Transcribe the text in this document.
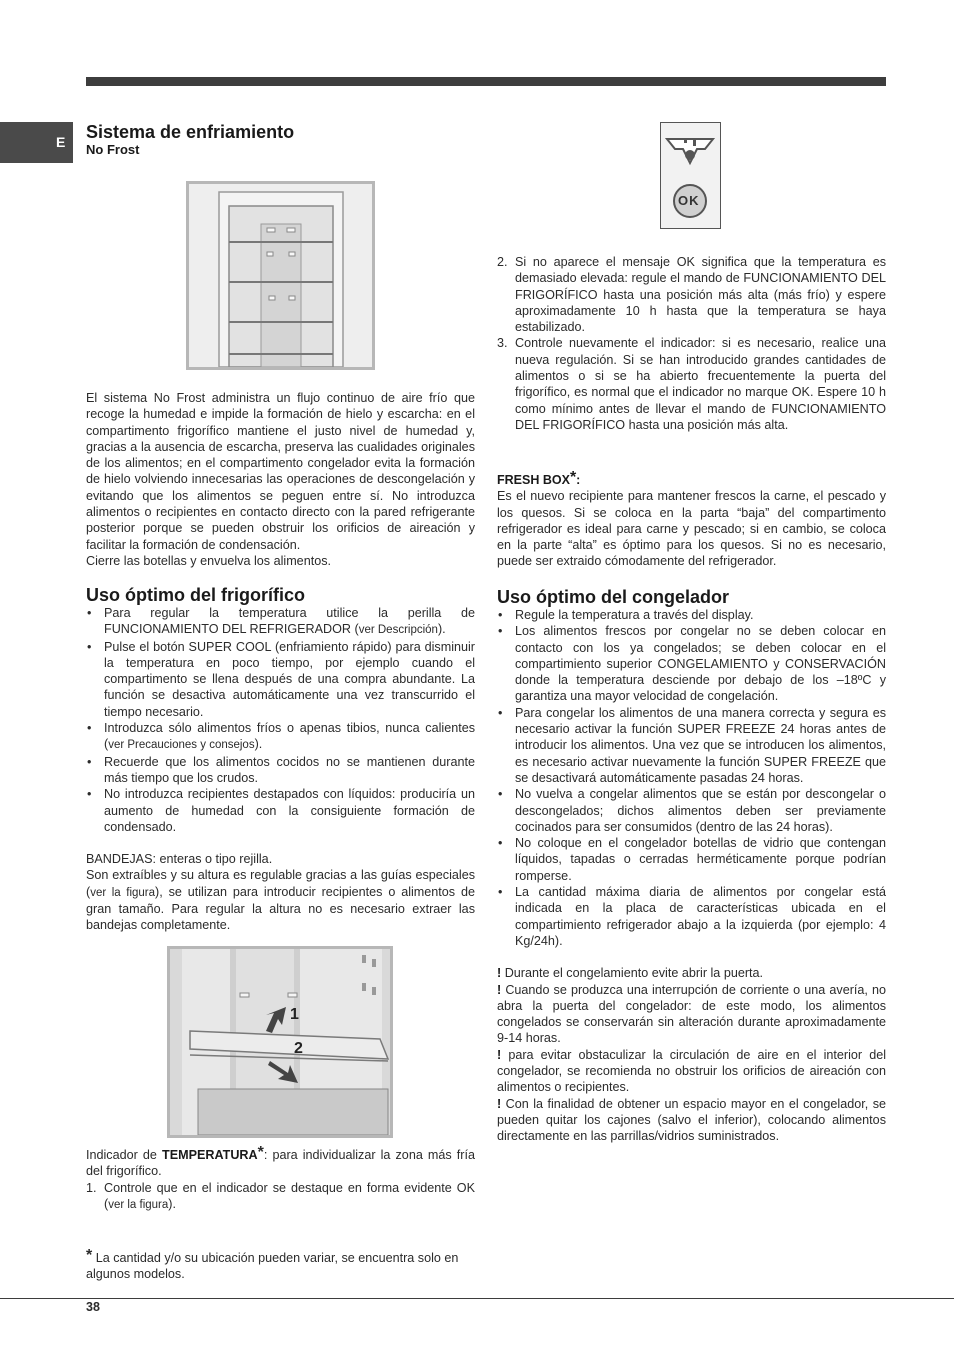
E Sistema de enfriamiento
No Frost

El sistema No Frost administra un flujo continuo de aire frío que recoge la humedad e impide la formación de hielo y escarcha: en el compartimento frigorífico mantiene el justo nivel de humedad y, gracias a la ausencia de escarcha, preserva las cualidades originales de los alimentos; en el compartimento congelador evita la formación de hielo volviendo innecesarias las operaciones de descongelación y evitando que los alimentos se peguen entre sí. No introduzca alimentos o recipientes en contacto directo con la pared refrigerante posterior porque se pueden obstruir los orificios de aireación y facilitar la formación de condensación.

Cierre las botellas y envuelva los alimentos.

Uso óptimo del frigorífico
• Para regular la temperatura utilice la perilla de FUNCIONAMIENTO DEL REFRIGERADOR (ver Descripción).
• Pulse el botón SUPER COOL (enfriamiento rápido) para disminuir la temperatura en poco tiempo, por ejemplo cuando el compartimento se llena después de una compra abundante. La función se desactiva automáticamente una vez transcurrido el tiempo necesario.
• Introduzca sólo alimentos fríos o apenas tibios, nunca calientes (ver Precauciones y consejos).
• Recuerde que los alimentos cocidos no se mantienen durante más tiempo que los crudos.
• No introduzca recipientes destapados con líquidos: produciría un aumento de humedad con la consiguiente formación de condensado.

BANDEJAS: enteras o tipo rejilla.

Son extraíbles y su altura es regulable gracias a las guías especiales (ver la figura), se utilizan para introducir recipientes o alimentos de gran tamaño. Para regular la altura no es necesario extraer las bandejas completamente.

1
2

Indicador de TEMPERATURA*: para individualizar la zona más fría del frigorífico.

1. Controle que en el indicador se destaque en forma evidente OK (ver la figura).

* La cantidad y/o su ubicación pueden variar, se encuentra solo en algunos modelos.

OK
2. Si no aparece el mensaje OK significa que la temperatura es demasiado elevada: regule el mando de FUNCIONAMIENTO DEL FRIGORÍFICO hasta una posición más alta (más frío) y espere aproximadamente 10 h hasta que la temperatura se haya estabilizado.
3. Controle nuevamente el indicador: si es necesario, realice una nueva regulación. Si se han introducido grandes cantidades de alimentos o si se ha abierto frecuentemente la puerta del frigorífico, es normal que el indicador no marque OK. Espere 10 h como mínimo antes de llevar el mando de FUNCIONAMIENTO DEL FRIGORÍFICO hasta una posición más alta.
FRESH BOX*:

Es el nuevo recipiente para mantener frescos la carne, el pescado y los quesos. Si se coloca en la parta “baja” del compartimento refrigerador es ideal para carne y pescado; si en cambio, se coloca en la parte “alta” es óptimo para los quesos. Si no es necesario, puede ser extraido cómodamente del refrigerador.

Uso óptimo del congelador
• Regule la temperatura a través del display.
• Los alimentos frescos por congelar no se deben colocar en contacto con los ya congelados; se deben colocar en el compartimiento superior CONGELAMIENTO y CONSERVACIÓN donde la temperatura desciende por debajo de los –18ºC y garantiza una mayor velocidad de congelación.
• Para congelar los alimentos de una manera correcta y segura es necesario activar la función SUPER FREEZE 24 horas antes de introducir los alimentos. Una vez que se introducen los alimentos, es necesario activar nuevamente la función SUPER FREEZE que se desactivará automáticamente pasadas 24 horas.
• No vuelva a congelar alimentos que se están por descongelar o descongelados; dichos alimentos deben ser previamente cocinados para ser consumidos (dentro de las 24 horas).
• No coloque en el congelador botellas de vidrio que contengan líquidos, tapadas o cerradas herméticamente porque podrían romperse.
• La cantidad máxima diaria de alimentos por congelar está indicada en la placa de características ubicada en el compartimiento refrigerador abajo a la izquierda (por ejemplo: 4 Kg/24h).

! Durante el congelamiento evite abrir la puerta.

! Cuando se produzca una interrupción de corriente o una avería, no abra la puerta del congelador: de este modo, los alimentos congelados se conservarán sin alteración durante aproximadamente 9-14 horas.

! para evitar obstaculizar la circulación de aire en el interior del congelador, se recomienda no obstruir los orificios de aireación con alimentos o recipientes.

! Con la finalidad de obtener un espacio mayor en el congelador, se pueden quitar los cajones (salvo el inferior), colocando alimentos directamente en las parrillas/vidrios suministrados.

38
